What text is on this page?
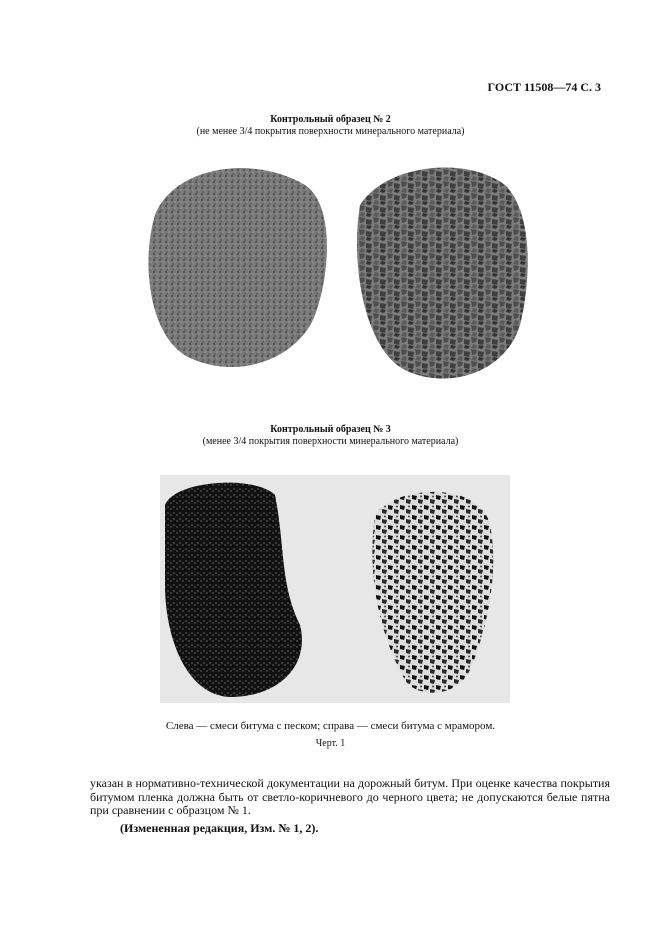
ГОСТ 11508—74 С. 3
Контрольный образец № 2
(не менее 3/4 покрытия поверхности минерального материала)
Контрольный образец № 3
(менее 3/4 покрытия поверхности минерального материала)
Слева — смеси битума с песком; справа — смеси битума с мрамором.
Черт. 1

указан в нормативно-технической документации на дорожный битум. При оценке качества покрытия битумом пленка должна быть от светло-коричневого до черного цвета; не допускаются белые пятна при сравнении с образцом № 1.

(Измененная редакция, Изм. № 1, 2).
